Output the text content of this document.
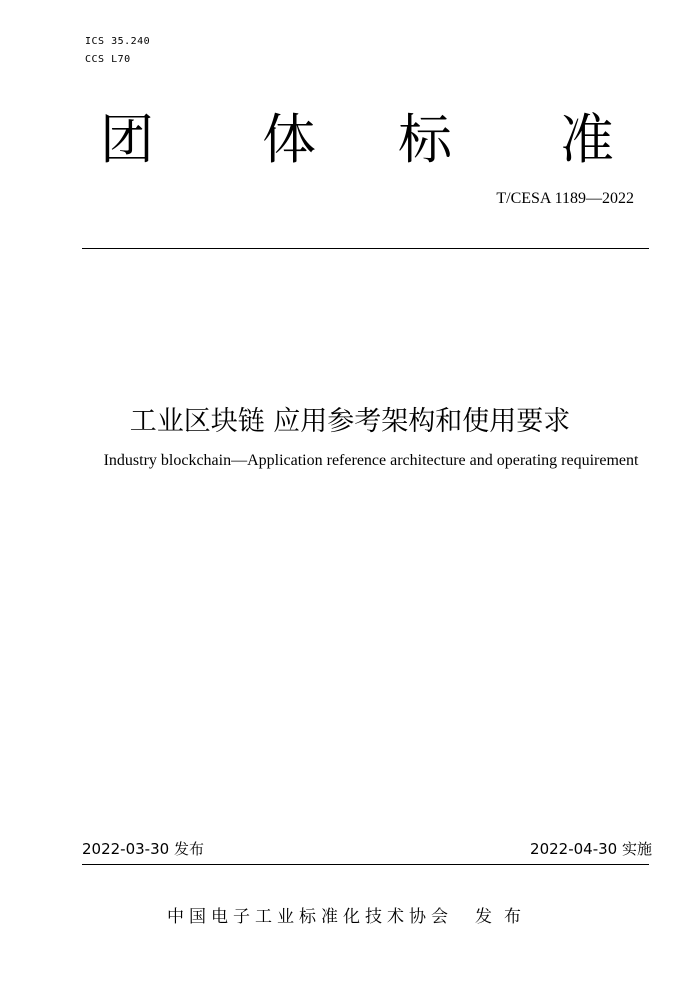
ICS 35.240
CCS L70
团 体 标 准
T/CESA 1189—2022
工业区块链 应用参考架构和使用要求
Industry blockchain—Application reference architecture and operating requirement
2022-03-30 发布	2022-04-30 实施
中国电子工业标准化技术协会 发布
